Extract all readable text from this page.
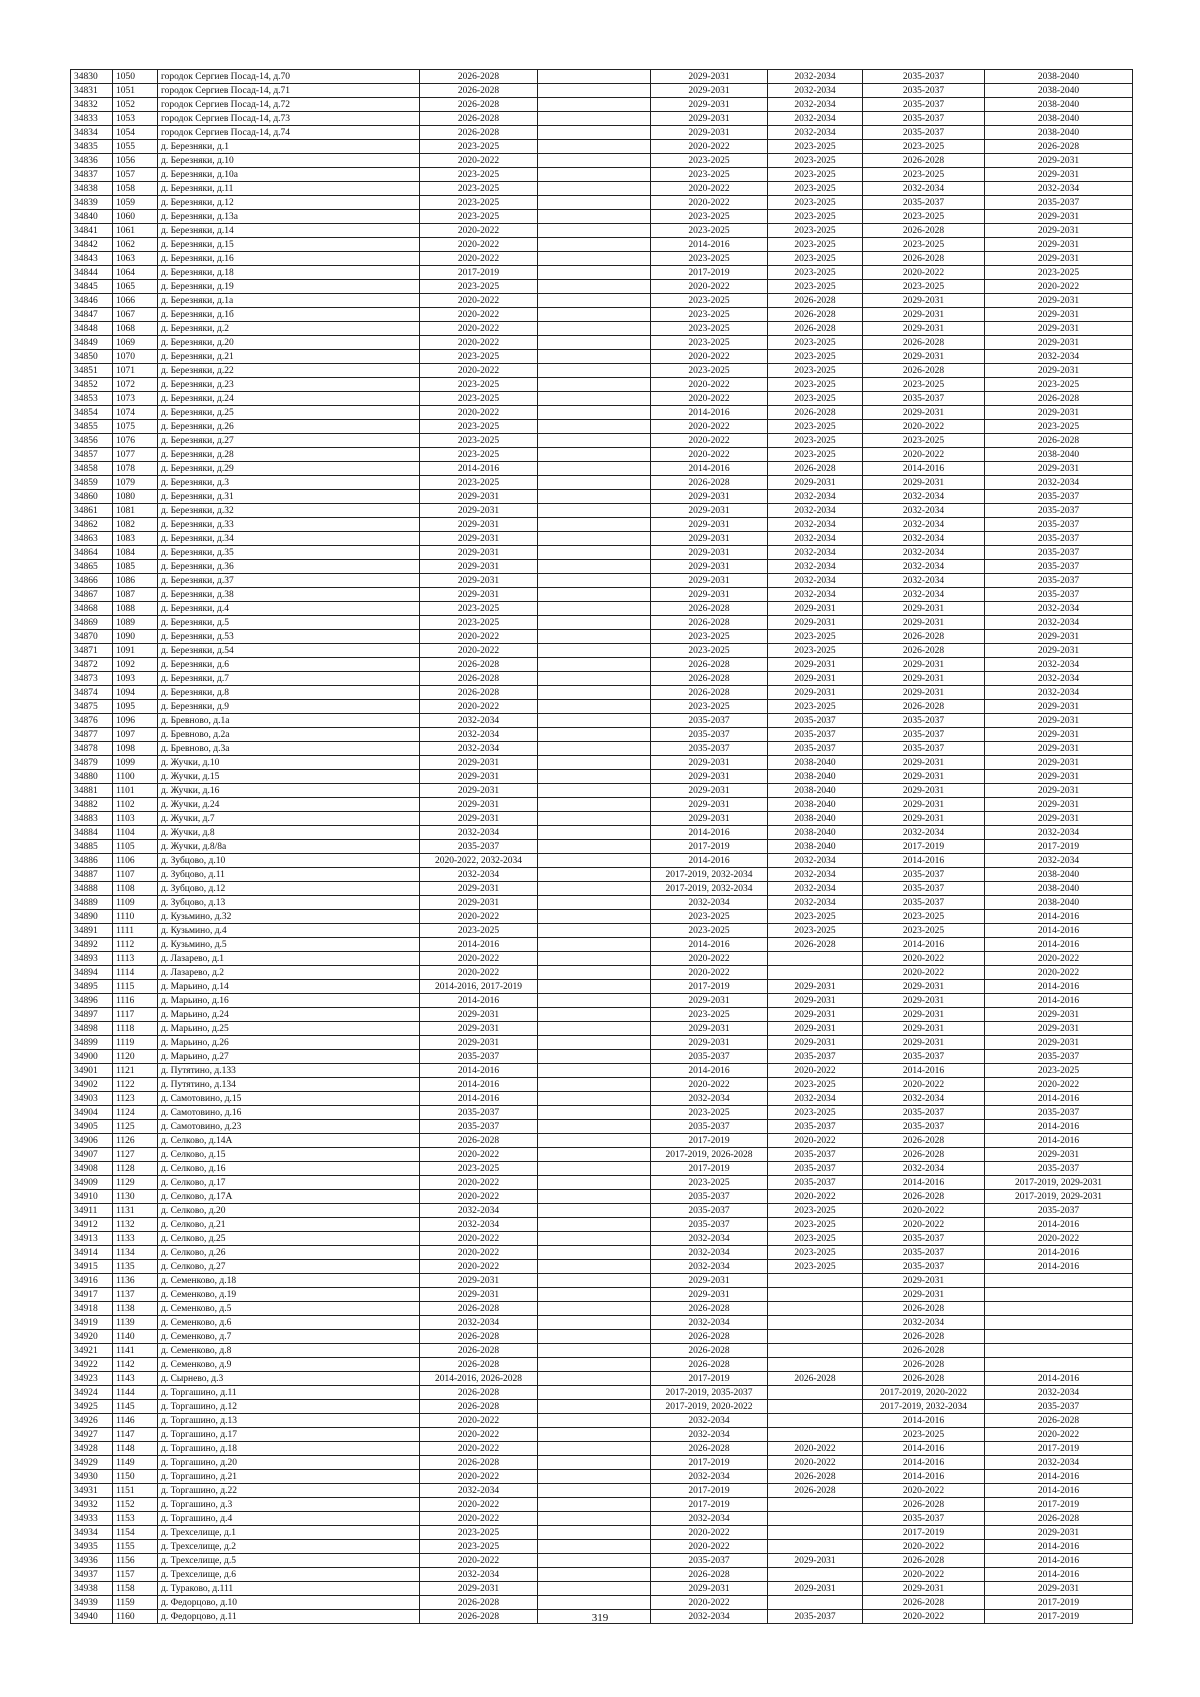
34830	1050	городок Сергиев Посад-14, д.70	2026-2028		2029-2031	2032-2034	2035-2037	2038-2040
34831	1051	городок Сергиев Посад-14, д.71	2026-2028		2029-2031	2032-2034	2035-2037	2038-2040
34832	1052	городок Сергиев Посад-14, д.72	2026-2028		2029-2031	2032-2034	2035-2037	2038-2040
34833	1053	городок Сергиев Посад-14, д.73	2026-2028		2029-2031	2032-2034	2035-2037	2038-2040
34834	1054	городок Сергиев Посад-14, д.74	2026-2028		2029-2031	2032-2034	2035-2037	2038-2040
34835	1055	д. Березняки, д.1	2023-2025		2020-2022	2023-2025	2023-2025	2026-2028
34836	1056	д. Березняки, д.10	2020-2022		2023-2025	2023-2025	2026-2028	2029-2031
34837	1057	д. Березняки, д.10а	2023-2025		2023-2025	2023-2025	2023-2025	2029-2031
34838	1058	д. Березняки, д.11	2023-2025		2020-2022	2023-2025	2032-2034	2032-2034
34839	1059	д. Березняки, д.12	2023-2025		2020-2022	2023-2025	2035-2037	2035-2037
34840	1060	д. Березняки, д.13а	2023-2025		2023-2025	2023-2025	2023-2025	2029-2031
34841	1061	д. Березняки, д.14	2020-2022		2023-2025	2023-2025	2026-2028	2029-2031
34842	1062	д. Березняки, д.15	2020-2022		2014-2016	2023-2025	2023-2025	2029-2031
34843	1063	д. Березняки, д.16	2020-2022		2023-2025	2023-2025	2026-2028	2029-2031
34844	1064	д. Березняки, д.18	2017-2019		2017-2019	2023-2025	2020-2022	2023-2025
34845	1065	д. Березняки, д.19	2023-2025		2020-2022	2023-2025	2023-2025	2020-2022
34846	1066	д. Березняки, д.1а	2020-2022		2023-2025	2026-2028	2029-2031	2029-2031
34847	1067	д. Березняки, д.1б	2020-2022		2023-2025	2026-2028	2029-2031	2029-2031
34848	1068	д. Березняки, д.2	2020-2022		2023-2025	2026-2028	2029-2031	2029-2031
34849	1069	д. Березняки, д.20	2020-2022		2023-2025	2023-2025	2026-2028	2029-2031
34850	1070	д. Березняки, д.21	2023-2025		2020-2022	2023-2025	2029-2031	2032-2034
34851	1071	д. Березняки, д.22	2020-2022		2023-2025	2023-2025	2026-2028	2029-2031
34852	1072	д. Березняки, д.23	2023-2025		2020-2022	2023-2025	2023-2025	2023-2025
34853	1073	д. Березняки, д.24	2023-2025		2020-2022	2023-2025	2035-2037	2026-2028
34854	1074	д. Березняки, д.25	2020-2022		2014-2016	2026-2028	2029-2031	2029-2031
34855	1075	д. Березняки, д.26	2023-2025		2020-2022	2023-2025	2020-2022	2023-2025
34856	1076	д. Березняки, д.27	2023-2025		2020-2022	2023-2025	2023-2025	2026-2028
34857	1077	д. Березняки, д.28	2023-2025		2020-2022	2023-2025	2020-2022	2038-2040
34858	1078	д. Березняки, д.29	2014-2016		2014-2016	2026-2028	2014-2016	2029-2031
34859	1079	д. Березняки, д.3	2023-2025		2026-2028	2029-2031	2029-2031	2032-2034
34860	1080	д. Березняки, д.31	2029-2031		2029-2031	2032-2034	2032-2034	2035-2037
34861	1081	д. Березняки, д.32	2029-2031		2029-2031	2032-2034	2032-2034	2035-2037
34862	1082	д. Березняки, д.33	2029-2031		2029-2031	2032-2034	2032-2034	2035-2037
34863	1083	д. Березняки, д.34	2029-2031		2029-2031	2032-2034	2032-2034	2035-2037
34864	1084	д. Березняки, д.35	2029-2031		2029-2031	2032-2034	2032-2034	2035-2037
34865	1085	д. Березняки, д.36	2029-2031		2029-2031	2032-2034	2032-2034	2035-2037
34866	1086	д. Березняки, д.37	2029-2031		2029-2031	2032-2034	2032-2034	2035-2037
34867	1087	д. Березняки, д.38	2029-2031		2029-2031	2032-2034	2032-2034	2035-2037
34868	1088	д. Березняки, д.4	2023-2025		2026-2028	2029-2031	2029-2031	2032-2034
34869	1089	д. Березняки, д.5	2023-2025		2026-2028	2029-2031	2029-2031	2032-2034
34870	1090	д. Березняки, д.53	2020-2022		2023-2025	2023-2025	2026-2028	2029-2031
34871	1091	д. Березняки, д.54	2020-2022		2023-2025	2023-2025	2026-2028	2029-2031
34872	1092	д. Березняки, д.6	2026-2028		2026-2028	2029-2031	2029-2031	2032-2034
34873	1093	д. Березняки, д.7	2026-2028		2026-2028	2029-2031	2029-2031	2032-2034
34874	1094	д. Березняки, д.8	2026-2028		2026-2028	2029-2031	2029-2031	2032-2034
34875	1095	д. Березняки, д.9	2020-2022		2023-2025	2023-2025	2026-2028	2029-2031
34876	1096	д. Бревново, д.1а	2032-2034		2035-2037	2035-2037	2035-2037	2029-2031
34877	1097	д. Бревново, д.2а	2032-2034		2035-2037	2035-2037	2035-2037	2029-2031
34878	1098	д. Бревново, д.3а	2032-2034		2035-2037	2035-2037	2035-2037	2029-2031
34879	1099	д. Жучки, д.10	2029-2031		2029-2031	2038-2040	2029-2031	2029-2031
34880	1100	д. Жучки, д.15	2029-2031		2029-2031	2038-2040	2029-2031	2029-2031
34881	1101	д. Жучки, д.16	2029-2031		2029-2031	2038-2040	2029-2031	2029-2031
34882	1102	д. Жучки, д.24	2029-2031		2029-2031	2038-2040	2029-2031	2029-2031
34883	1103	д. Жучки, д.7	2029-2031		2029-2031	2038-2040	2029-2031	2029-2031
34884	1104	д. Жучки, д.8	2032-2034		2014-2016	2038-2040	2032-2034	2032-2034
34885	1105	д. Жучки, д.8/8а	2035-2037		2017-2019	2038-2040	2017-2019	2017-2019
34886	1106	д. Зубцово, д.10	2020-2022, 2032-2034		2014-2016	2032-2034	2014-2016	2032-2034
34887	1107	д. Зубцово, д.11	2032-2034		2017-2019, 2032-2034	2032-2034	2035-2037	2038-2040
34888	1108	д. Зубцово, д.12	2029-2031		2017-2019, 2032-2034	2032-2034	2035-2037	2038-2040
34889	1109	д. Зубцово, д.13	2029-2031		2032-2034	2032-2034	2035-2037	2038-2040
34890	1110	д. Кузьмино, д.32	2020-2022		2023-2025	2023-2025	2023-2025	2014-2016
34891	1111	д. Кузьмино, д.4	2023-2025		2023-2025	2023-2025	2023-2025	2014-2016
34892	1112	д. Кузьмино, д.5	2014-2016		2014-2016	2026-2028	2014-2016	2014-2016
34893	1113	д. Лазарево, д.1	2020-2022		2020-2022		2020-2022	2020-2022
34894	1114	д. Лазарево, д.2	2020-2022		2020-2022		2020-2022	2020-2022
34895	1115	д. Марьино, д.14	2014-2016, 2017-2019		2017-2019	2029-2031	2029-2031	2014-2016
34896	1116	д. Марьино, д.16	2014-2016		2029-2031	2029-2031	2029-2031	2014-2016
34897	1117	д. Марьино, д.24	2029-2031		2023-2025	2029-2031	2029-2031	2029-2031
34898	1118	д. Марьино, д.25	2029-2031		2029-2031	2029-2031	2029-2031	2029-2031
34899	1119	д. Марьино, д.26	2029-2031		2029-2031	2029-2031	2029-2031	2029-2031
34900	1120	д. Марьино, д.27	2035-2037		2035-2037	2035-2037	2035-2037	2035-2037
34901	1121	д. Путятино, д.133	2014-2016		2014-2016	2020-2022	2014-2016	2023-2025
34902	1122	д. Путятино, д.134	2014-2016		2020-2022	2023-2025	2020-2022	2020-2022
34903	1123	д. Самотовино, д.15	2014-2016		2032-2034	2032-2034	2032-2034	2014-2016
34904	1124	д. Самотовино, д.16	2035-2037		2023-2025	2023-2025	2035-2037	2035-2037
34905	1125	д. Самотовино, д.23	2035-2037		2035-2037	2035-2037	2035-2037	2014-2016
34906	1126	д. Селково, д.14А	2026-2028		2017-2019	2020-2022	2026-2028	2014-2016
34907	1127	д. Селково, д.15	2020-2022		2017-2019, 2026-2028	2035-2037	2026-2028	2029-2031
34908	1128	д. Селково, д.16	2023-2025		2017-2019	2035-2037	2032-2034	2035-2037
34909	1129	д. Селково, д.17	2020-2022		2023-2025	2035-2037	2014-2016	2017-2019, 2029-2031
34910	1130	д. Селково, д.17А	2020-2022		2035-2037	2020-2022	2026-2028	2017-2019, 2029-2031
34911	1131	д. Селково, д.20	2032-2034		2035-2037	2023-2025	2020-2022	2035-2037
34912	1132	д. Селково, д.21	2032-2034		2035-2037	2023-2025	2020-2022	2014-2016
34913	1133	д. Селково, д.25	2020-2022		2032-2034	2023-2025	2035-2037	2020-2022
34914	1134	д. Селково, д.26	2020-2022		2032-2034	2023-2025	2035-2037	2014-2016
34915	1135	д. Селково, д.27	2020-2022		2032-2034	2023-2025	2035-2037	2014-2016
34916	1136	д. Семенково, д.18	2029-2031		2029-2031		2029-2031	
34917	1137	д. Семенково, д.19	2029-2031		2029-2031		2029-2031	
34918	1138	д. Семенково, д.5	2026-2028		2026-2028		2026-2028	
34919	1139	д. Семенково, д.6	2032-2034		2032-2034		2032-2034	
34920	1140	д. Семенково, д.7	2026-2028		2026-2028		2026-2028	
34921	1141	д. Семенково, д.8	2026-2028		2026-2028		2026-2028	
34922	1142	д. Семенково, д.9	2026-2028		2026-2028		2026-2028	
34923	1143	д. Сырнево, д.3	2014-2016, 2026-2028		2017-2019	2026-2028	2026-2028	2014-2016
34924	1144	д. Торгашино, д.11	2026-2028		2017-2019, 2035-2037		2017-2019, 2020-2022	2032-2034
34925	1145	д. Торгашино, д.12	2026-2028		2017-2019, 2020-2022		2017-2019, 2032-2034	2035-2037
34926	1146	д. Торгашино, д.13	2020-2022		2032-2034		2014-2016	2026-2028
34927	1147	д. Торгашино, д.17	2020-2022		2032-2034		2023-2025	2020-2022
34928	1148	д. Торгашино, д.18	2020-2022		2026-2028	2020-2022	2014-2016	2017-2019
34929	1149	д. Торгашино, д.20	2026-2028		2017-2019	2020-2022	2014-2016	2032-2034
34930	1150	д. Торгашино, д.21	2020-2022		2032-2034	2026-2028	2014-2016	2014-2016
34931	1151	д. Торгашино, д.22	2032-2034		2017-2019	2026-2028	2020-2022	2014-2016
34932	1152	д. Торгашино, д.3	2020-2022		2017-2019		2026-2028	2017-2019
34933	1153	д. Торгашино, д.4	2020-2022		2032-2034		2035-2037	2026-2028
34934	1154	д. Трехселище, д.1	2023-2025		2020-2022		2017-2019	2029-2031
34935	1155	д. Трехселище, д.2	2023-2025		2020-2022		2020-2022	2014-2016
34936	1156	д. Трехселище, д.5	2020-2022		2035-2037	2029-2031	2026-2028	2014-2016
34937	1157	д. Трехселище, д.6	2032-2034		2026-2028		2020-2022	2014-2016
34938	1158	д. Тураково, д.111	2029-2031		2029-2031	2029-2031	2029-2031	2029-2031
34939	1159	д. Федорцово, д.10	2026-2028		2020-2022		2026-2028	2017-2019
34940	1160	д. Федорцово, д.11	2026-2028		2032-2034	2035-2037	2020-2022	2017-2019
319
